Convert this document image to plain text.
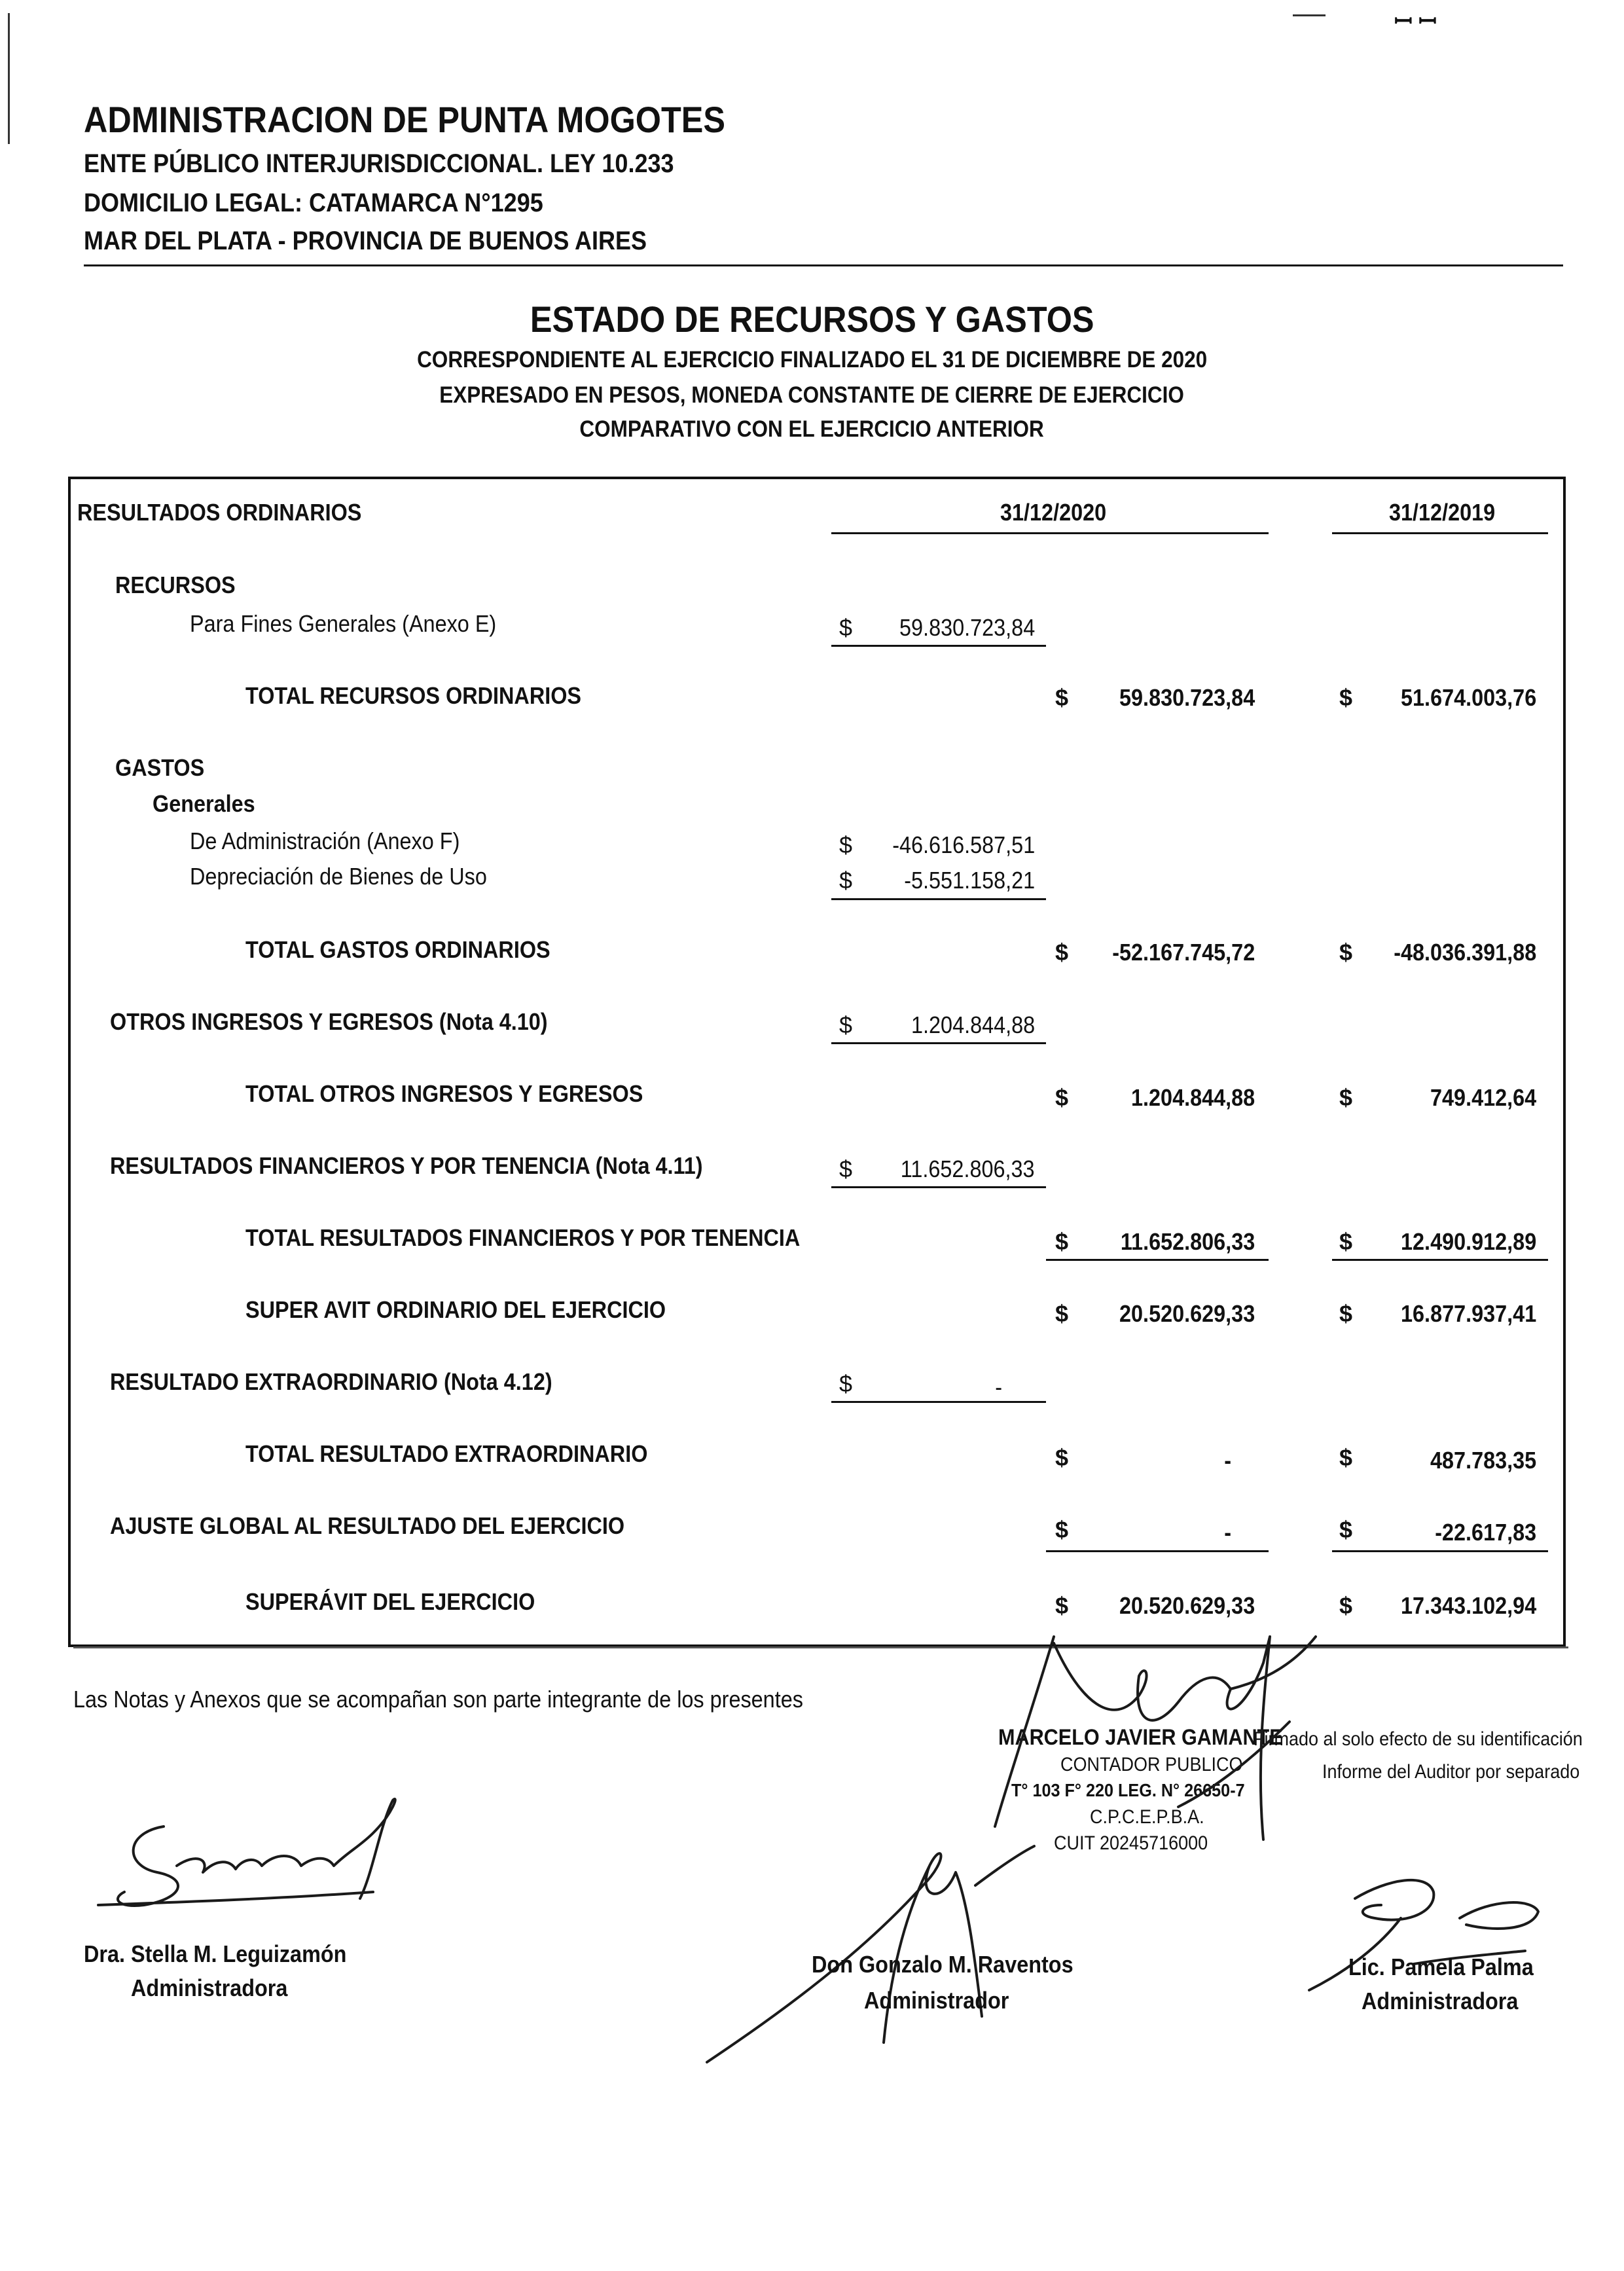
ꟷ ꟷ
ADMINISTRACION DE PUNTA MOGOTES
ENTE PÚBLICO INTERJURISDICCIONAL. LEY 10.233
DOMICILIO LEGAL: CATAMARCA N°1295
MAR DEL PLATA - PROVINCIA DE BUENOS AIRES
ESTADO DE RECURSOS Y GASTOS
CORRESPONDIENTE AL EJERCICIO FINALIZADO EL 31 DE DICIEMBRE DE 2020
EXPRESADO EN PESOS, MONEDA CONSTANTE DE CIERRE DE EJERCICIO
COMPARATIVO CON EL EJERCICIO ANTERIOR
RESULTADOS ORDINARIOS	31/12/2020	31/12/2019
RECURSOS
Para Fines Generales (Anexo E)	$	59.830.723,84
TOTAL RECURSOS ORDINARIOS	$	59.830.723,84	$	51.674.003,76
GASTOS
Generales
De Administración (Anexo F)	$	-46.616.587,51
Depreciación de Bienes de Uso	$	-5.551.158,21
TOTAL GASTOS ORDINARIOS	$	-52.167.745,72	$	-48.036.391,88
OTROS INGRESOS Y EGRESOS (Nota 4.10)	$	1.204.844,88
TOTAL OTROS INGRESOS Y EGRESOS	$	1.204.844,88	$	749.412,64
RESULTADOS FINANCIEROS Y POR TENENCIA (Nota 4.11)	$	11.652.806,33
TOTAL RESULTADOS FINANCIEROS Y POR TENENCIA	$	11.652.806,33	$	12.490.912,89
SUPER AVIT ORDINARIO DEL EJERCICIO	$	20.520.629,33	$	16.877.937,41
RESULTADO EXTRAORDINARIO (Nota 4.12)	$	-
TOTAL RESULTADO EXTRAORDINARIO	$	-	$	487.783,35
AJUSTE GLOBAL AL RESULTADO DEL EJERCICIO	$	-	$	-22.617,83
SUPERÁVIT DEL EJERCICIO	$	20.520.629,33	$	17.343.102,94
Las Notas y Anexos que se acompañan son parte integrante de los presentes
MARCELO JAVIER GAMANTE
CONTADOR PUBLICO
T° 103 F° 220 LEG. N° 26650-7
C.P.C.E.P.B.A.
CUIT 20245716000
Firmado al solo efecto de su identificación
Informe del Auditor por separado
Dra. Stella M. Leguizamón
Administradora
Don Gonzalo M. Raventos
Administrador
Lic. Pamela Palma
Administradora
